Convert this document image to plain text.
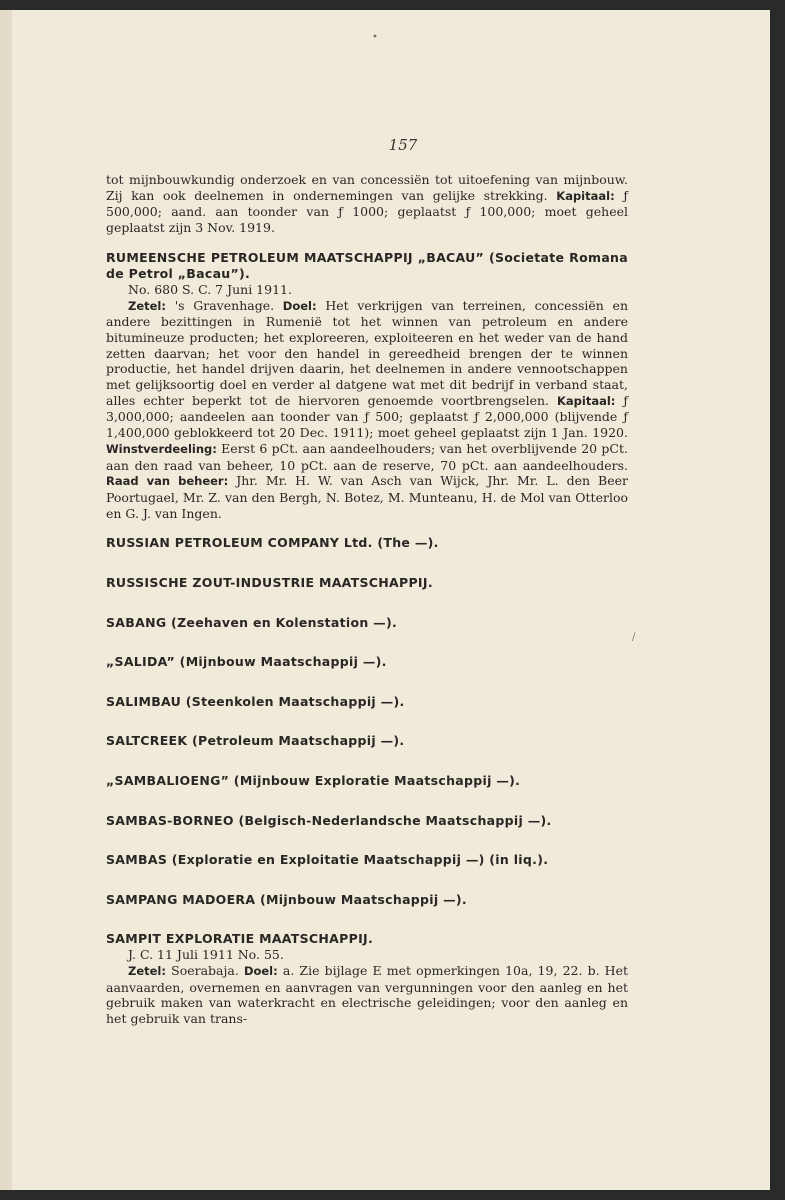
•
/
157

tot mijnbouwkundig onderzoek en van concessiën tot uitoefening van mijnbouw. Zij kan ook deelnemen in ondernemingen van gelijke strekking. Kapitaal: ƒ 500,000; aand. aan toonder van ƒ 1000; geplaatst ƒ 100,000; moet geheel geplaatst zijn 3 Nov. 1919.

RUMEENSCHE PETROLEUM MAATSCHAPPIJ „BACAU” (Societate Romana de Petrol „Bacau”).

No. 680 S. C. 7 Juni 1911.

Zetel: 's Gravenhage. Doel: Het verkrijgen van terreinen, concessiën en andere bezittingen in Rumenië tot het winnen van petroleum en andere bitumineuze producten; het exploreeren, exploiteeren en het weder van de hand zetten daarvan; het voor den handel in gereedheid brengen der te winnen productie, het handel drijven daarin, het deelnemen in andere vennootschappen met gelijksoortig doel en verder al datgene wat met dit bedrijf in verband staat, alles echter beperkt tot de hiervoren genoemde voortbrengselen. Kapitaal: ƒ 3,000,000; aandeelen aan toonder van ƒ 500; geplaatst ƒ 2,000,000 (blijvende ƒ 1,400,000 geblokkeerd tot 20 Dec. 1911); moet geheel geplaatst zijn 1 Jan. 1920. Winstverdeeling: Eerst 6 pCt. aan aandeelhouders; van het overblijvende 20 pCt. aan den raad van beheer, 10 pCt. aan de reserve, 70 pCt. aan aandeelhouders. Raad van beheer: Jhr. Mr. H. W. van Asch van Wijck, Jhr. Mr. L. den Beer Poortugael, Mr. Z. van den Bergh, N. Botez, M. Munteanu, H. de Mol van Otterloo en G. J. van Ingen.

RUSSIAN PETROLEUM COMPANY Ltd. (The —).

RUSSISCHE ZOUT-INDUSTRIE MAATSCHAPPIJ.

SABANG (Zeehaven en Kolenstation —).

„SALIDA” (Mijnbouw Maatschappij —).

SALIMBAU (Steenkolen Maatschappij —).

SALTCREEK (Petroleum Maatschappij —).

„SAMBALIOENG” (Mijnbouw Exploratie Maatschappij —).

SAMBAS-BORNEO (Belgisch-Nederlandsche Maatschappij —).

SAMBAS (Exploratie en Exploitatie Maatschappij —) (in liq.).

SAMPANG MADOERA (Mijnbouw Maatschappij —).

SAMPIT EXPLORATIE MAATSCHAPPIJ.

J. C. 11 Juli 1911 No. 55.

Zetel: Soerabaja. Doel: a. Zie bijlage E met opmerkingen 10a, 19, 22. b. Het aanvaarden, overnemen en aanvragen van vergunningen voor den aanleg en het gebruik maken van waterkracht en electrische geleidingen; voor den aanleg en het gebruik van trans-
